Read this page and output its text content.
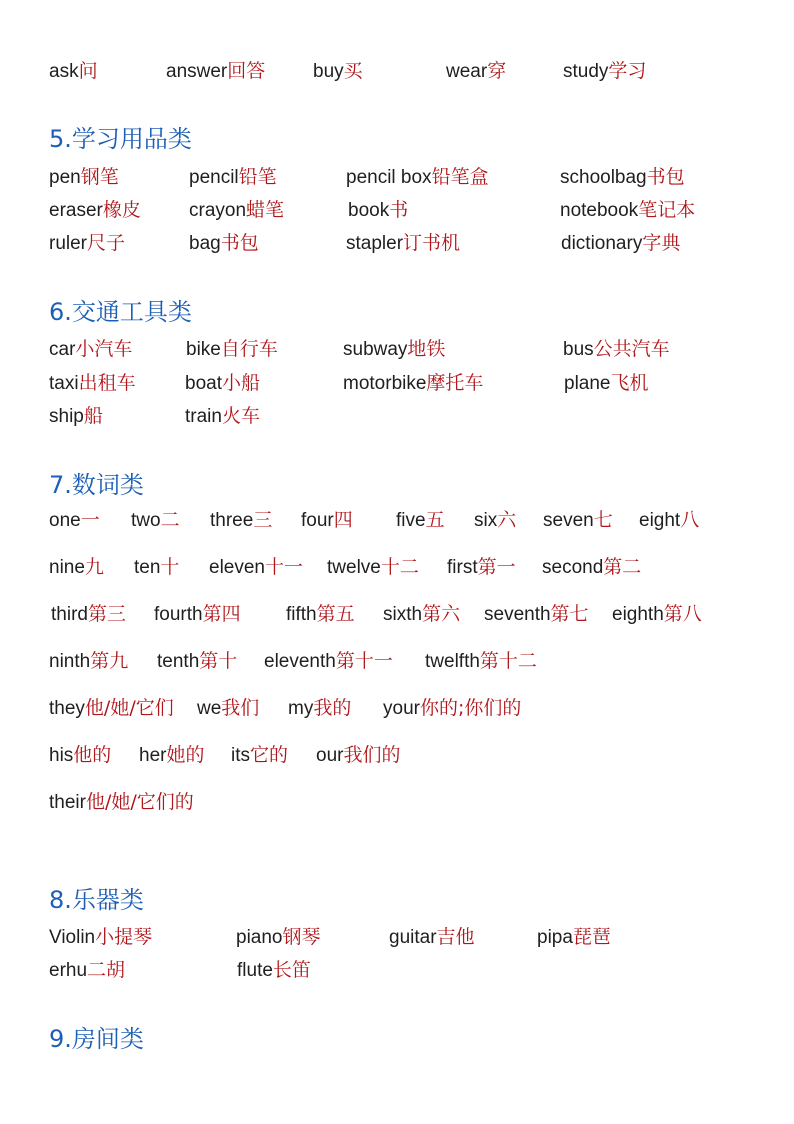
ask问	answer回答	buy买	wear穿	study学习
5.学习用品类
pen钢笔	pencil铅笔	pencil box铅笔盒	schoolbag书包
eraser橡皮	crayon蜡笔	book书	notebook笔记本
ruler尺子	bag书包	stapler订书机	dictionary字典
6.交通工具类
car小汽车	bike自行车	subway地铁	bus公共汽车
taxi出租车	boat小船	motorbike摩托车	plane飞机
ship船	train火车
7.数词类
one一 two二 three三 four四 five五 six六 seven七 eight八
nine九 ten十 eleven十一 twelve十二 first第一 second第二
third第三 fourth第四 fifth第五 sixth第六 seventh第七 eighth第八
ninth第九 tenth第十 eleventh第十一 twelfth第十二
they他/她/它们 we我们 my我的 your你的;你们的
his他的 her她的 its它的 our我们的
their他/她/它们的
8.乐器类
Violin小提琴	piano钢琴	guitar吉他	pipa琵琶
erhu二胡	flute长笛
9.房间类
